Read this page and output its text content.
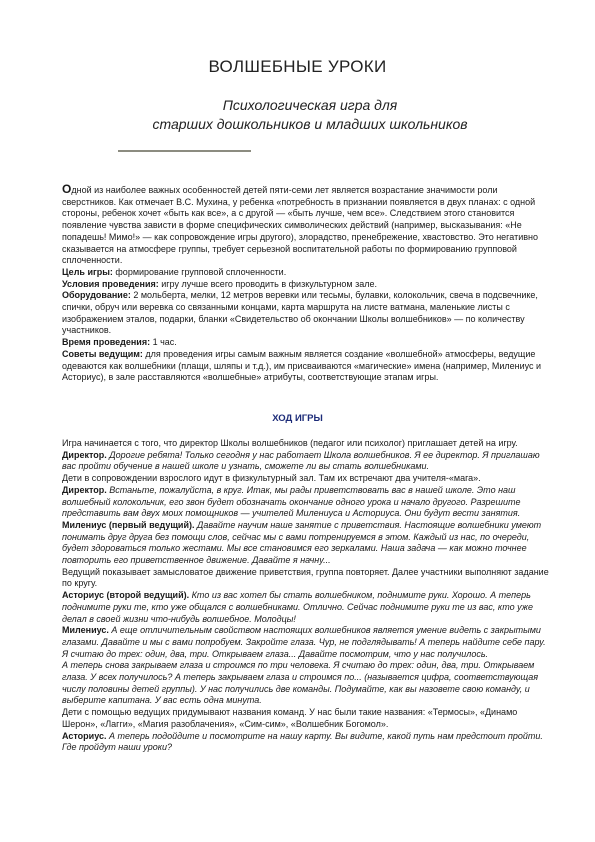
ВОЛШЕБНЫЕ УРОКИ
Психологическая игра для
старших дошкольников и младших школьников

Одной из наиболее важных особенностей детей пяти-семи лет является возрастание значимости роли сверстников. Как отмечает В.С. Мухина, у ребенка «потребность в признании появляется в двух планах: с одной стороны, ребенок хочет «быть как все», а с другой — «быть лучше, чем все». Следствием этого становится появление чувства зависти в форме специфических символических действий (например, высказывания: «Не попадешь! Мимо!» — как сопровождение игры другого), злорадство, пренебрежение, хвастовство. Это негативно сказывается на атмосфере группы, требует серьезной воспитательной работы по формированию групповой сплоченности.

Цель игры: формирование групповой сплоченности.

Условия проведения: игру лучше всего проводить в физкультурном зале.

Оборудование: 2 мольберта, мелки, 12 метров веревки или тесьмы, булавки, колокольчик, свеча в подсвечнике, спички, обруч или веревка со связанными концами, карта маршрута на листе ватмана, маленькие листы с изображением эталов, подарки, бланки «Свидетельство об окончании Школы волшебников» — по количеству участников.

Время проведения: 1 час.

Советы ведущим: для проведения игры самым важным является создание «волшебной» атмосферы, ведущие одеваются как волшебники (плащи, шляпы и т.д.), им присваиваются «магические» имена (например, Милениус и Асториус), в зале расставляются «волшебные» атрибуты, соответствующие этапам игры.

ХОД ИГРЫ

Игра начинается с того, что директор Школы волшебников (педагог или психолог) приглашает детей на игру.

Директор. Дорогие ребята! Только сегодня у нас работает Школа волшебников. Я ее директор. Я приглашаю вас пройти обучение в нашей школе и узнать, сможете ли вы стать волшебниками.

Дети в сопровождении взрослого идут в физкультурный зал. Там их встречают два учителя-«мага».

Директор. Встаньте, пожалуйста, в круг. Итак, мы рады приветствовать вас в нашей школе. Это наш волшебный колокольчик, его звон будет обозначать окончание одного урока и начало другого. Разрешите представить вам двух моих помощников — учителей Милениуса и Асториуса. Они будут вести занятия.

Милениус (первый ведущий). Давайте научим наше занятие с приветствия. Настоящие волшебники умеют понимать друг друга без помощи слов, сейчас мы с вами потренируемся в этом. Каждый из нас, по очереди, будет здороваться только жестами. Мы все становимся его зеркалами. Наша задача — как можно точнее повторить его приветственное движение. Давайте я начну...

Ведущий показывает замысловатое движение приветствия, группа повторяет. Далее участники выполняют задание по кругу.

Асториус (второй ведущий). Кто из вас хотел бы стать волшебником, поднимите руки. Хорошо. А теперь поднимите руки те, кто уже общался с волшебниками. Отлично. Сейчас поднимите руки те из вас, кто уже делал в своей жизни что-нибудь волшебное. Молодцы!

Милениус. А еще отличительным свойством настоящих волшебников является умение видеть с закрытыми глазами. Давайте и мы с вами попробуем. Закройте глаза. Чур, не подглядывать! А теперь найдите себе пару. Я считаю до трех: один, два, три. Открываем глаза... Давайте посмотрим, что у нас получилось.

А теперь снова закрываем глаза и строимся по три человека. Я считаю до трех: один, два, три. Открываем глаза. У всех получилось? А теперь закрываем глаза и строимся по... (называется цифра, соответствующая числу половины детей группы). У нас получились две команды. Подумайте, как вы назовете свою команду, и выберите капитана. У вас есть одна минута.

Дети с помощью ведущих придумывают названия команд. У нас были такие названия: «Термосы», «Динамо Шерон», «Лагги», «Магия разоблачения», «Сим-сим», «Волшебник Богомол».

Асториус. А теперь подойдите и посмотрите на нашу карту. Вы видите, какой путь нам предстоит пройти. Где пройдут наши уроки?
